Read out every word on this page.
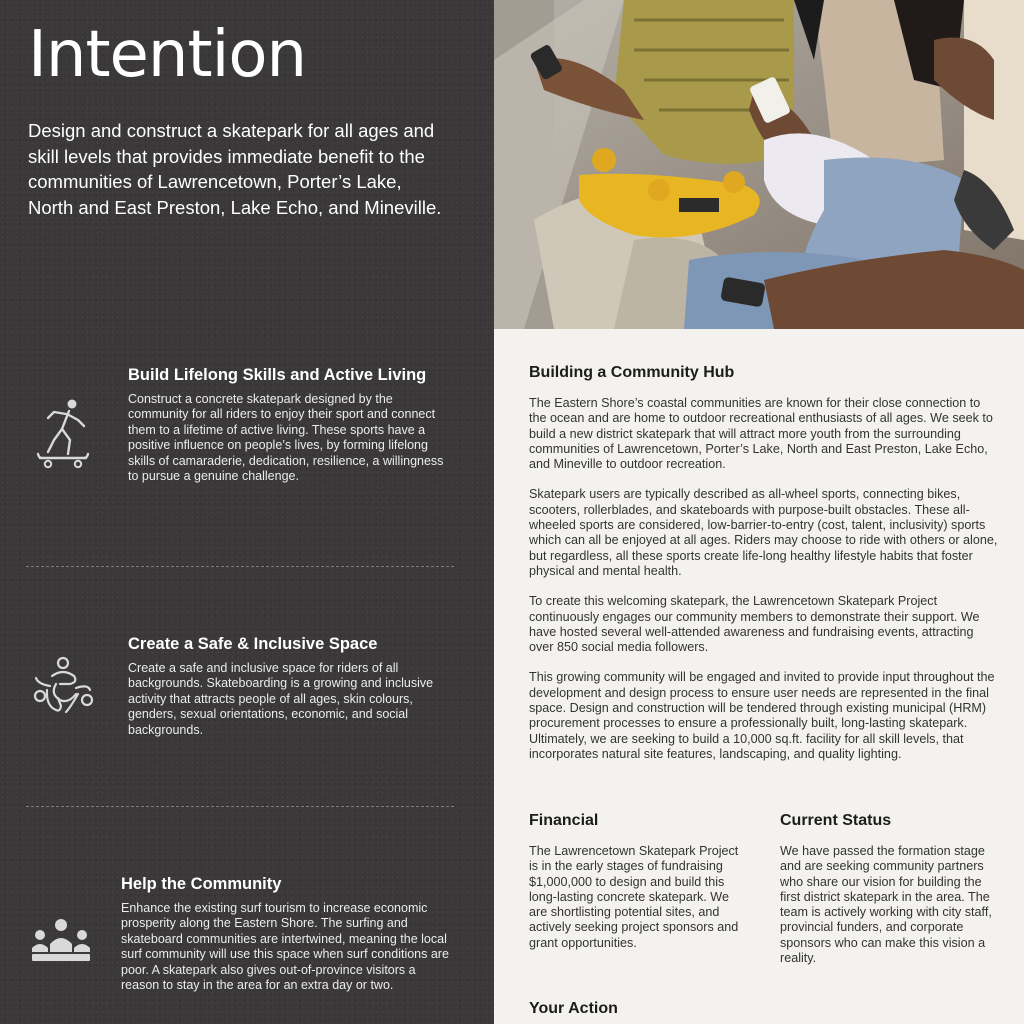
Intention

Design and construct a skatepark for all ages and skill levels that provides immediate benefit to the communities of Lawrencetown, Porter’s Lake, North and East Preston, Lake Echo, and Mineville.

Build Lifelong Skills and Active Living

Construct a concrete skatepark designed by the community for all riders to enjoy their sport and connect them to a lifetime of active living. These sports have a positive influence on people’s lives, by forming lifelong skills of camaraderie, dedication, resilience, a willingness to pursue a genuine challenge.

Create a Safe & Inclusive Space

Create a safe and inclusive space for riders of all backgrounds. Skateboarding is a growing and inclusive activity that attracts people of all ages, skin colours, genders, sexual orientations, economic, and social backgrounds.

Help the Community

Enhance the existing surf tourism to increase economic prosperity along the Eastern Shore. The surfing and skateboard communities are intertwined, meaning the local surf community will use this space when surf conditions are poor. A skatepark also gives out-of-province visitors a reason to stay in the area for an extra day or two.

Building a Community Hub

The Eastern Shore’s coastal communities are known for their close connection to the ocean and are home to outdoor recreational enthusiasts of all ages. We seek to build a new district skatepark that will attract more youth from the surrounding communities of Lawrencetown, Porter’s Lake, North and East Preston, Lake Echo, and Mineville to outdoor recreation.

Skatepark users are typically described as all-wheel sports, connecting bikes, scooters, rollerblades, and skateboards with purpose-built obstacles. These all-wheeled sports are considered, low-barrier-to-entry (cost, talent, inclusivity) sports which can all be enjoyed at all ages. Riders may choose to ride with others or alone, but regardless, all these sports create life-long healthy lifestyle habits that foster physical and mental health.

To create this welcoming skatepark, the Lawrencetown Skatepark Project continuously engages our community members to demonstrate their support. We have hosted several well-attended awareness and fundraising events, attracting over 850 social media followers.

This growing community will be engaged and invited to provide input throughout the development and design process to ensure user needs are represented in the final space. Design and construction will be tendered through existing municipal (HRM) procurement processes to ensure a professionally built, long-lasting skatepark. Ultimately, we are seeking to build a 10,000 sq.ft. facility for all skill levels, that incorporates natural site features, landscaping, and quality lighting.

Financial

The Lawrencetown Skatepark Project is in the early stages of fundraising $1,000,000 to design and build this long-lasting concrete skatepark. We are shortlisting potential sites, and actively seeking project sponsors and grant opportunities.

Current Status

We have passed the formation stage and are seeking community partners who share our vision for building the first district skatepark in the area. The team is actively working with city staff, provincial funders, and corporate sponsors who can make this vision a reality.

Your Action
